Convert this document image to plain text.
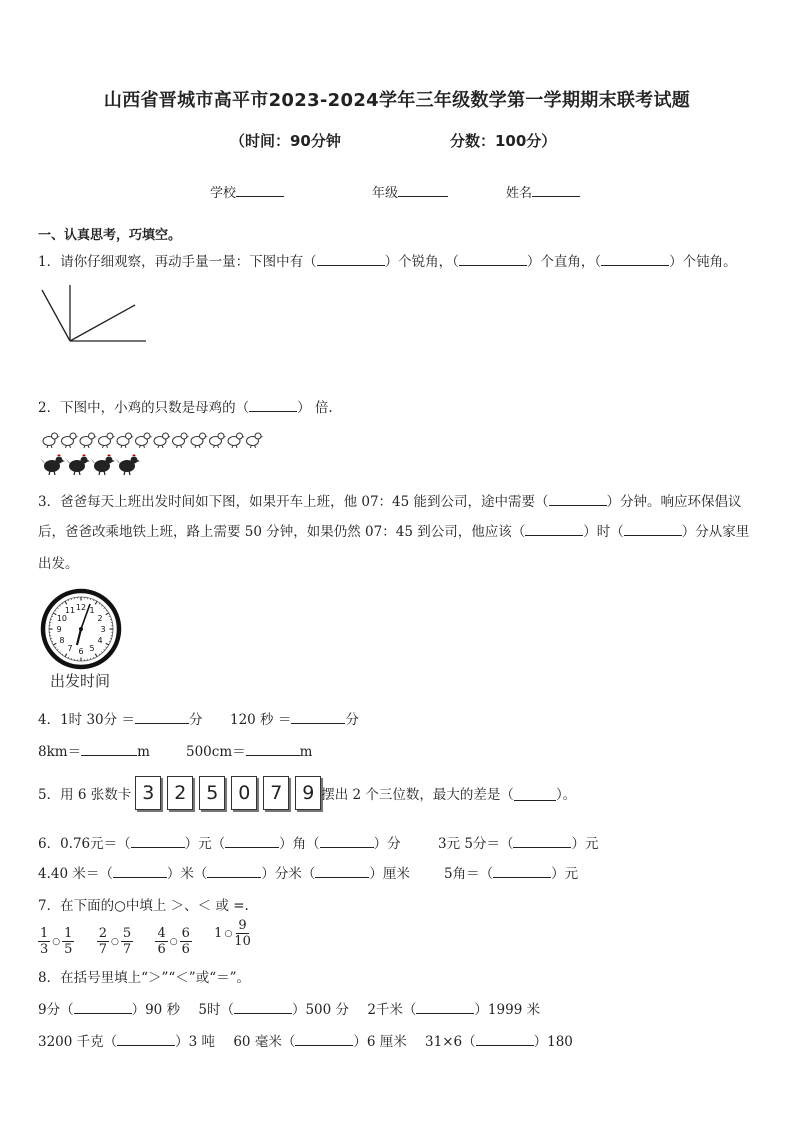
山西省晋城市高平市2023-2024学年三年级数学第一学期期末联考试题
（时间：90分钟	分数：100分）
学校	年级	姓名
一、认真思考，巧填空。
1．请你仔细观察，再动手量一量：下图中有（	）个锐角，（	）个直角，（	）个钝角。
2．下图中，小鸡的只数是母鸡的（	） 倍.
3．爸爸每天上班出发时间如下图，如果开车上班，他 07：45 能到公司，途中需要（	）分钟。响应环保倡议
后，爸爸改乘地铁上班，路上需要 50 分钟，如果仍然 07：45 到公司，他应该（	）时（	）分从家里
出发。
12 1
2
3
4
5
6
7
8
9
10
11
出发时间
4．1时 30分 ＝	分 120 秒 ＝	分
8km＝	m	500cm＝	m
5．用 6 张数卡 3 2 5 0 7 9 摆出 2 个三位数，最大的差是（	）。
6．0.76元＝（	）元（	）角（	）分	3元 5分＝（	）元
4.40 米＝（	）米（	）分米（	）厘米	5角＝（	）元
7．在下面的○中填上 ＞、＜ 或 =.
$\frac{1}{3}$ ○ $\frac{1}{5}$
$\frac{2}{7}$ ○ $\frac{5}{7}$
$\frac{4}{6}$ ○ $\frac{6}{6}$
1 ○ $\frac{9}{10}$
8．在括号里填上“＞”“＜”或“＝”。
9分（	）90 秒 5时（	）500 分 2千米（	）1999 米
3200 千克（	）3 吨 60 毫米（	）6 厘米 31×6（	）180
